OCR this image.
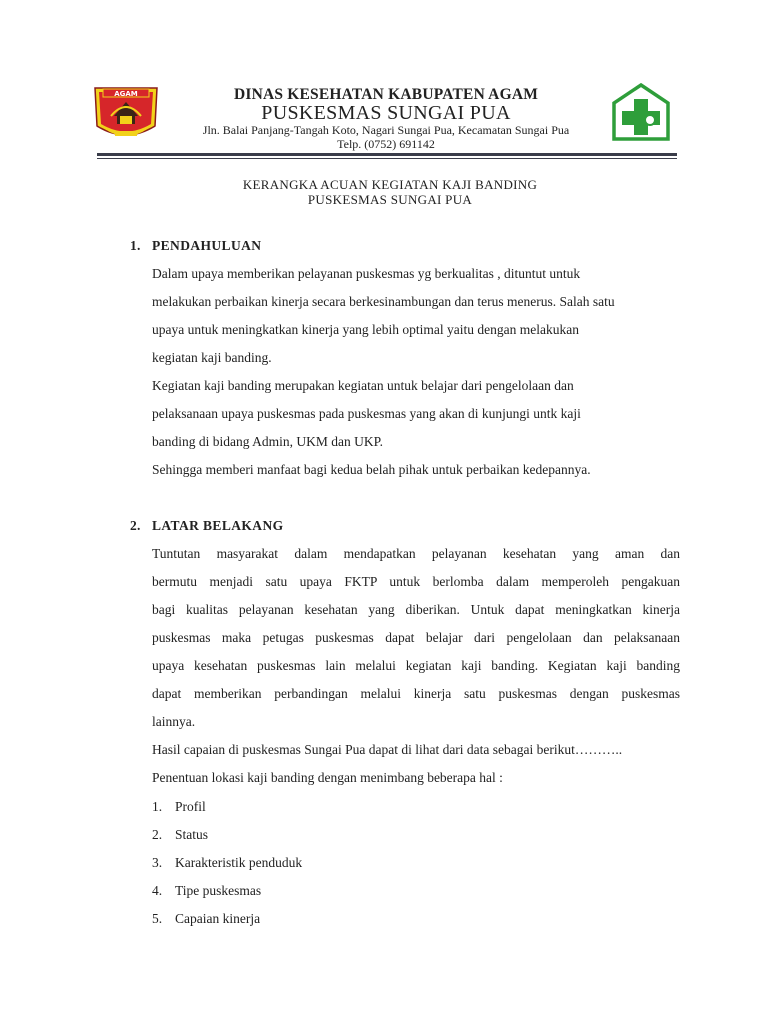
AGAM	DINAS KESEHATAN KABUPATEN AGAM
PUSKESMAS SUNGAI PUA
Jln. Balai Panjang-Tangah Koto, Nagari Sungai Pua, Kecamatan Sungai Pua
Telp. (0752) 691142
KERANGKA ACUAN KEGIATAN KAJI BANDING
PUSKESMAS SUNGAI PUA
1. PENDAHULUAN
Dalam upaya memberikan pelayanan puskesmas yg berkualitas , dituntut untuk
melakukan perbaikan kinerja secara berkesinambungan dan terus menerus. Salah satu
upaya untuk meningkatkan kinerja yang lebih optimal yaitu dengan melakukan
kegiatan kaji banding.
Kegiatan kaji banding merupakan kegiatan untuk belajar dari pengelolaan dan
pelaksanaan upaya puskesmas pada puskesmas yang akan di kunjungi untk kaji
banding di bidang Admin, UKM dan UKP.
Sehingga memberi manfaat bagi kedua belah pihak untuk perbaikan kedepannya.
2. LATAR BELAKANG
Tuntutan masyarakat dalam mendapatkan pelayanan kesehatan yang aman dan
bermutu menjadi satu upaya FKTP untuk berlomba dalam memperoleh pengakuan
bagi kualitas pelayanan kesehatan yang diberikan. Untuk dapat meningkatkan kinerja
puskesmas maka petugas puskesmas dapat belajar dari pengelolaan dan pelaksanaan
upaya kesehatan puskesmas lain melalui kegiatan kaji banding. Kegiatan kaji banding
dapat memberikan perbandingan melalui kinerja satu puskesmas dengan puskesmas
lainnya.
Hasil capaian di puskesmas Sungai Pua dapat di lihat dari data sebagai berikut………..
Penentuan lokasi kaji banding dengan menimbang beberapa hal :
1. Profil
2. Status
3. Karakteristik penduduk
4. Tipe puskesmas
5. Capaian kinerja
